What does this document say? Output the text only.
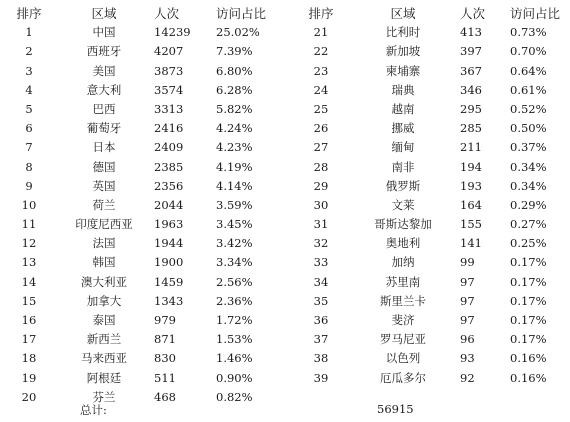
排序	区域	人次	访问占比
1	中国	14239	25.02%
2	西班牙	4207	7.39%
3	美国	3873	6.80%
4	意大利	3574	6.28%
5	巴西	3313	5.82%
6	葡萄牙	2416	4.24%
7	日本	2409	4.23%
8	德国	2385	4.19%
9	英国	2356	4.14%
10	荷兰	2044	3.59%
11	印度尼西亚	1963	3.45%
12	法国	1944	3.42%
13	韩国	1900	3.34%
14	澳大利亚	1459	2.56%
15	加拿大	1343	2.36%
16	泰国	979	1.72%
17	新西兰	871	1.53%
18	马来西亚	830	1.46%
19	阿根廷	511	0.90%
20	芬兰	468	0.82%
排序	区域	人次	访问占比
21	比利时	413	0.73%
22	新加坡	397	0.70%
23	柬埔寨	367	0.64%
24	瑞典	346	0.61%
25	越南	295	0.52%
26	挪威	285	0.50%
27	缅甸	211	0.37%
28	南非	194	0.34%
29	俄罗斯	193	0.34%
30	文莱	164	0.29%
31	哥斯达黎加	155	0.27%
32	奥地利	141	0.25%
33	加纳	99	0.17%
34	苏里南	97	0.17%
35	斯里兰卡	97	0.17%
36	斐济	97	0.17%
37	罗马尼亚	96	0.17%
38	以色列	93	0.16%
39	厄瓜多尔	92	0.16%
总计:	56915
